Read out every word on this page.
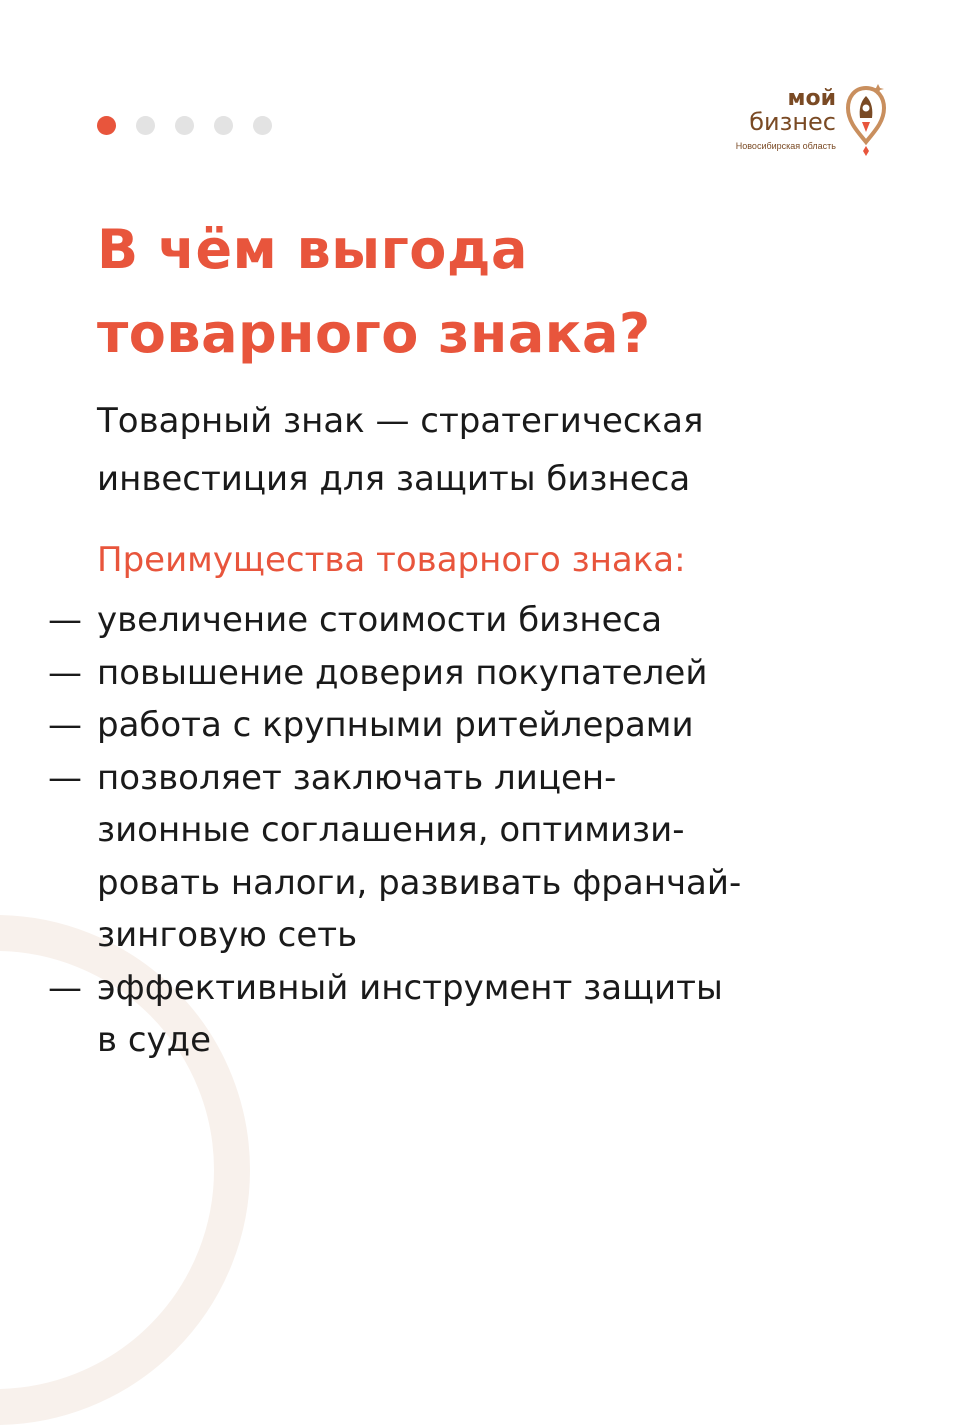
мой
бизнес
Новосибирская область
В чём выгода
товарного знака?

Товарный знак — стратегическая
инвестиция для защиты бизнеса

Преимущества товарного знака:

— увеличение стоимости бизнеса
— повышение доверия покупателей
— работа с крупными ритейлерами
— позволяет заключать лицен-
зионные соглашения, оптимизи-
ровать налоги, развивать франчай-
зинговую сеть
— эффективный инструмент защиты
в суде
